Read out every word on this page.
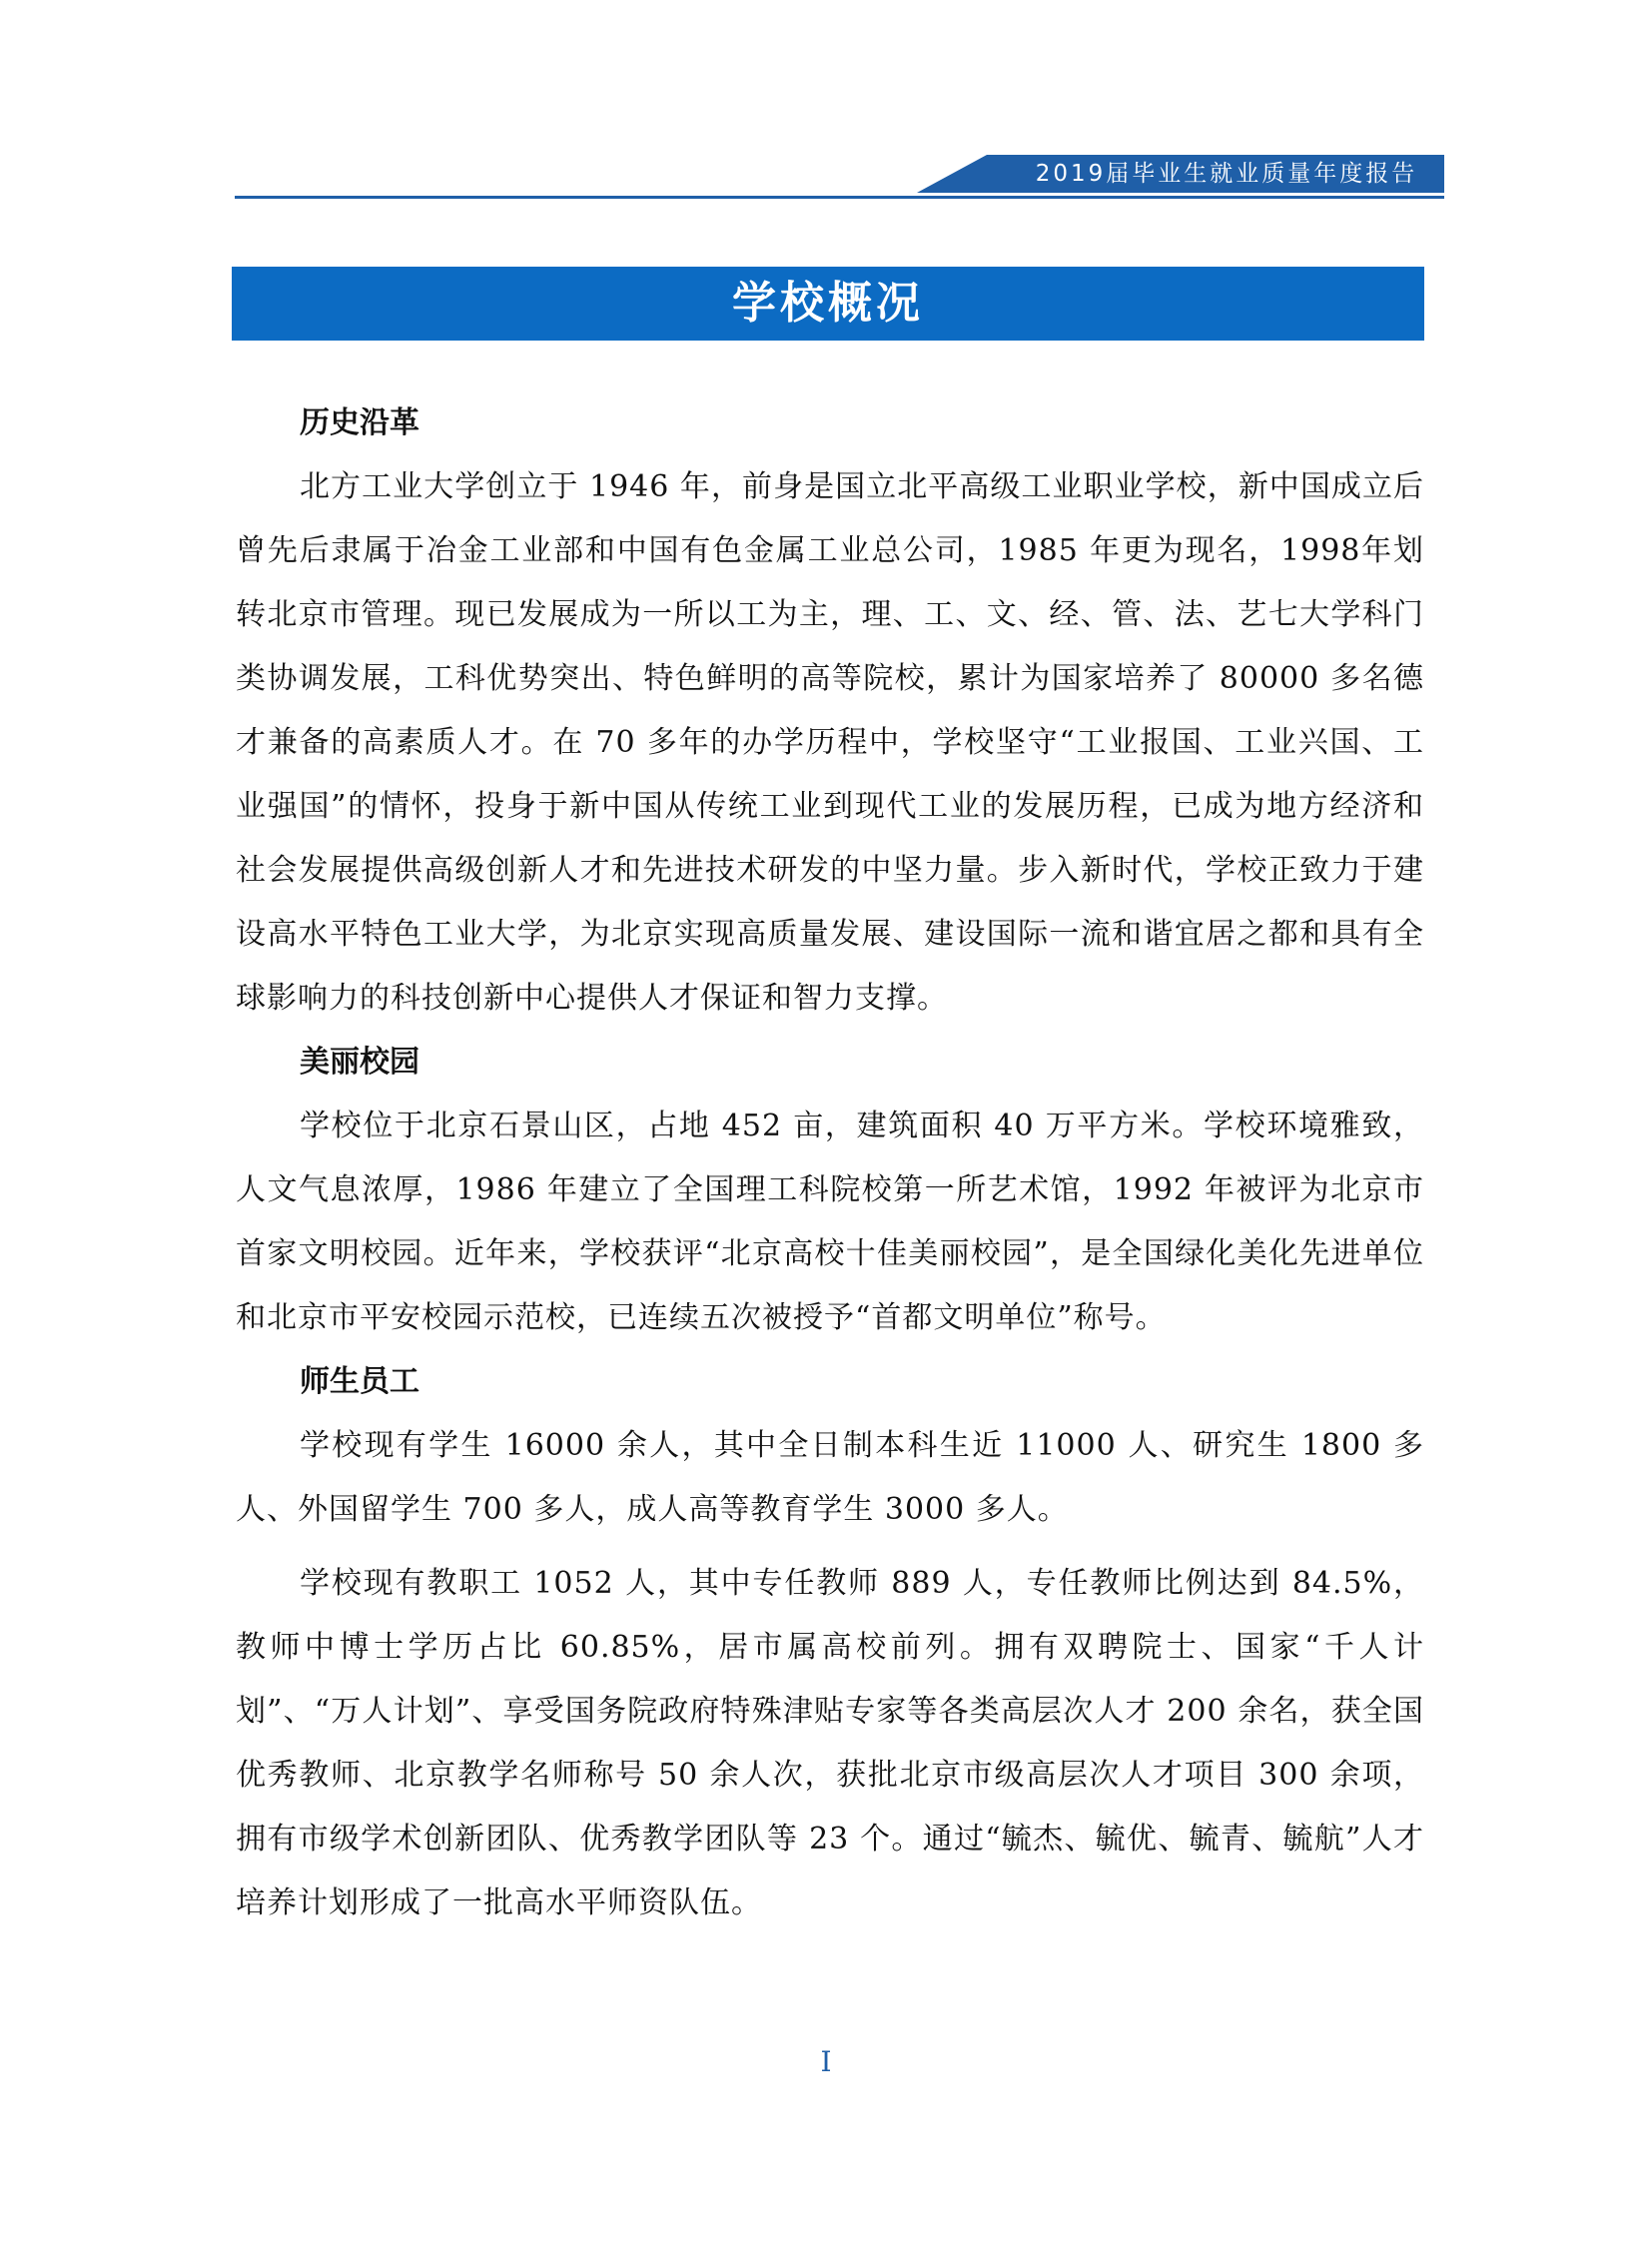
2019届毕业生就业质量年度报告
学校概况
历史沿革

北方工业大学创立于 1946 年，前身是国立北平高级工业职业学校，新中国成立后曾先后隶属于冶金工业部和中国有色金属工业总公司，1985 年更为现名，1998年划转北京市管理。现已发展成为一所以工为主，理、工、文、经、管、法、艺七大学科门类协调发展，工科优势突出、特色鲜明的高等院校，累计为国家培养了 80000 多名德才兼备的高素质人才。在 70 多年的办学历程中，学校坚守“工业报国、工业兴国、工业强国”的情怀，投身于新中国从传统工业到现代工业的发展历程，已成为地方经济和社会发展提供高级创新人才和先进技术研发的中坚力量。步入新时代，学校正致力于建设高水平特色工业大学，为北京实现高质量发展、建设国际一流和谐宜居之都和具有全球影响力的科技创新中心提供人才保证和智力支撑。

美丽校园

学校位于北京石景山区，占地 452 亩，建筑面积 40 万平方米。学校环境雅致，人文气息浓厚，1986 年建立了全国理工科院校第一所艺术馆，1992 年被评为北京市首家文明校园。近年来，学校获评“北京高校十佳美丽校园”，是全国绿化美化先进单位和北京市平安校园示范校，已连续五次被授予“首都文明单位”称号。

师生员工

学校现有学生 16000 余人，其中全日制本科生近 11000 人、研究生 1800 多人、外国留学生 700 多人，成人高等教育学生 3000 多人。

学校现有教职工 1052 人，其中专任教师 889 人，专任教师比例达到 84.5%，教师中博士学历占比 60.85%，居市属高校前列。拥有双聘院士、国家“千人计划”、“万人计划”、享受国务院政府特殊津贴专家等各类高层次人才 200 余名，获全国优秀教师、北京教学名师称号 50 余人次，获批北京市级高层次人才项目 300 余项，拥有市级学术创新团队、优秀教学团队等 23 个。通过“毓杰、毓优、毓青、毓航”人才培养计划形成了一批高水平师资队伍。

I
